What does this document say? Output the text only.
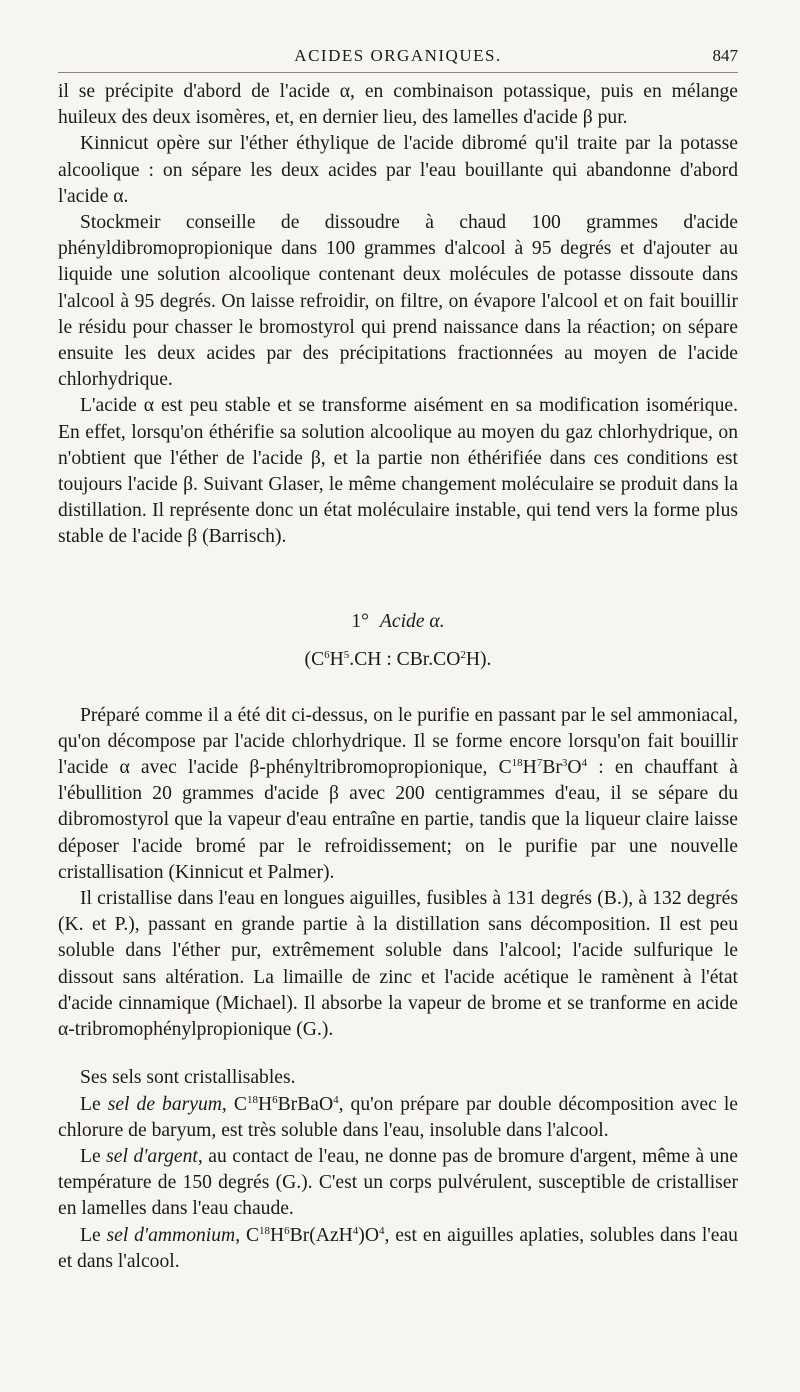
ACIDES ORGANIQUES.	847

il se précipite d'abord de l'acide α, en combinaison potassique, puis en mélange huileux des deux isomères, et, en dernier lieu, des lamelles d'acide β pur.

Kinnicut opère sur l'éther éthylique de l'acide dibromé qu'il traite par la potasse alcoolique : on sépare les deux acides par l'eau bouillante qui abandonne d'abord l'acide α.

Stockmeir conseille de dissoudre à chaud 100 grammes d'acide phényldibromopropionique dans 100 grammes d'alcool à 95 degrés et d'ajouter au liquide une solution alcoolique contenant deux molécules de potasse dissoute dans l'alcool à 95 degrés. On laisse refroidir, on filtre, on évapore l'alcool et on fait bouillir le résidu pour chasser le bromostyrol qui prend naissance dans la réaction; on sépare ensuite les deux acides par des précipitations fractionnées au moyen de l'acide chlorhydrique.

L'acide α est peu stable et se transforme aisément en sa modification isomérique. En effet, lorsqu'on éthérifie sa solution alcoolique au moyen du gaz chlorhydrique, on n'obtient que l'éther de l'acide β, et la partie non éthérifiée dans ces conditions est toujours l'acide β. Suivant Glaser, le même changement moléculaire se produit dans la distillation. Il représente donc un état moléculaire instable, qui tend vers la forme plus stable de l'acide β (Barrisch).

1° Acide α.
($C^6H^5.CH$ : $CBr.CO^2H$).

Préparé comme il a été dit ci-dessus, on le purifie en passant par le sel ammoniacal, qu'on décompose par l'acide chlorhydrique. Il se forme encore lorsqu'on fait bouillir l'acide α avec l'acide β-phényltribromopropionique, $C^{18}H^7Br^3O^4$ : en chauffant à l'ébullition 20 grammes d'acide β avec 200 centigrammes d'eau, il se sépare du dibromostyrol que la vapeur d'eau entraîne en partie, tandis que la liqueur claire laisse déposer l'acide bromé par le refroidissement; on le purifie par une nouvelle cristallisation (Kinnicut et Palmer).

Il cristallise dans l'eau en longues aiguilles, fusibles à 131 degrés (B.), à 132 degrés (K. et P.), passant en grande partie à la distillation sans décomposition. Il est peu soluble dans l'éther pur, extrêmement soluble dans l'alcool; l'acide sulfurique le dissout sans altération. La limaille de zinc et l'acide acétique le ramènent à l'état d'acide cinnamique (Michael). Il absorbe la vapeur de brome et se tranforme en acide α-tribromophénylpropionique (G.).

Ses sels sont cristallisables.

Le sel de baryum, $C^{18}H^6BrBaO^4$, qu'on prépare par double décomposition avec le chlorure de baryum, est très soluble dans l'eau, insoluble dans l'alcool.

Le sel d'argent, au contact de l'eau, ne donne pas de bromure d'argent, même à une température de 150 degrés (G.). C'est un corps pulvérulent, susceptible de cristalliser en lamelles dans l'eau chaude.

Le sel d'ammonium, $C^{18}H^6Br(AzH^4)O^4$, est en aiguilles aplaties, solubles dans l'eau et dans l'alcool.
